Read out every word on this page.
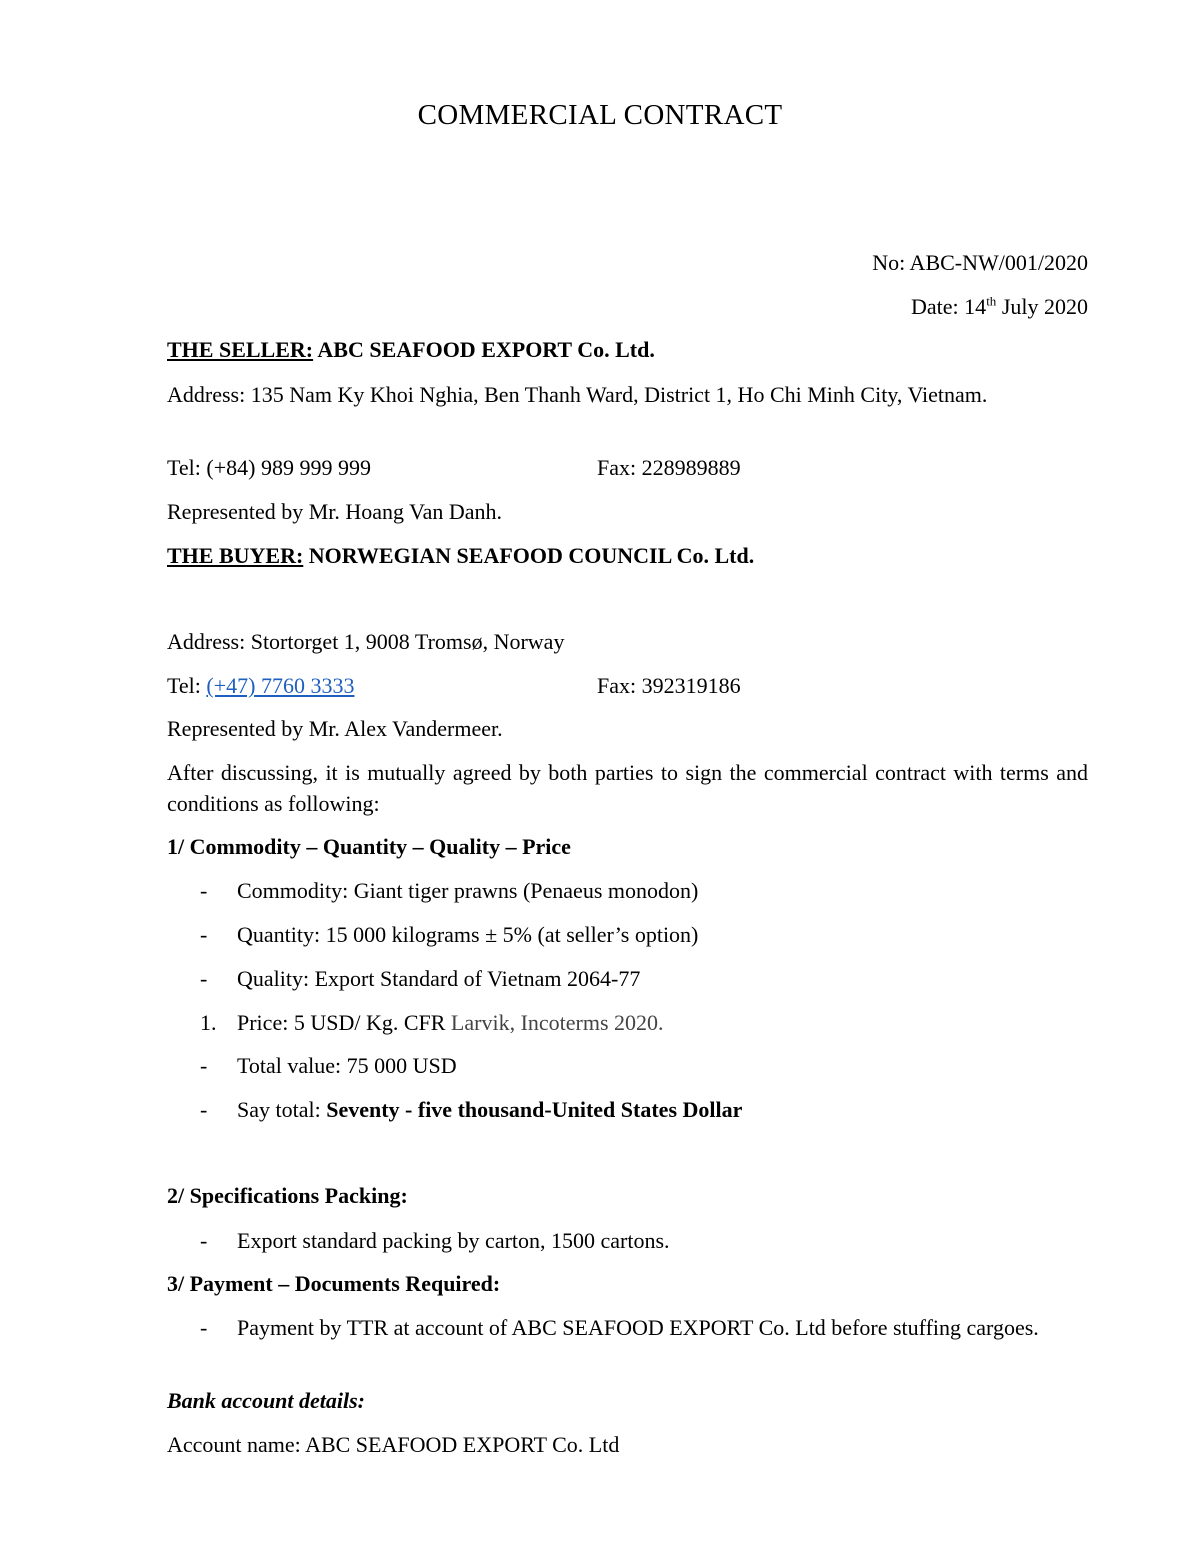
COMMERCIAL CONTRACT
No: ABC-NW/001/2020
Date: 14th July 2020
THE SELLER: ABC SEAFOOD EXPORT Co. Ltd.
Address: 135 Nam Ky Khoi Nghia, Ben Thanh Ward, District 1, Ho Chi Minh City, Vietnam.
Tel: (+84) 989 999 999	Fax: 228989889
Represented by Mr. Hoang Van Danh.
THE BUYER: NORWEGIAN SEAFOOD COUNCIL Co. Ltd.
Address: Stortorget 1, 9008 Tromsø, Norway
Tel: (+47) 7760 3333	Fax: 392319186
Represented by Mr. Alex Vandermeer.
After discussing, it is mutually agreed by both parties to sign the commercial contract with terms and conditions as following:
1/ Commodity – Quantity – Quality – Price
-	Commodity: Giant tiger prawns (Penaeus monodon)
-	Quantity: 15 000 kilograms ± 5% (at seller’s option)
-	Quality: Export Standard of Vietnam 2064-77
1. Price: 5 USD/ Kg. CFR Larvik, Incoterms 2020.
-	Total value: 75 000 USD
-	Say total: Seventy - five thousand-United States Dollar
2/ Specifications Packing:
-	Export standard packing by carton, 1500 cartons.
3/ Payment – Documents Required:
-	Payment by TTR at account of ABC SEAFOOD EXPORT Co. Ltd before stuffing cargoes.
Bank account details:
Account name: ABC SEAFOOD EXPORT Co. Ltd
